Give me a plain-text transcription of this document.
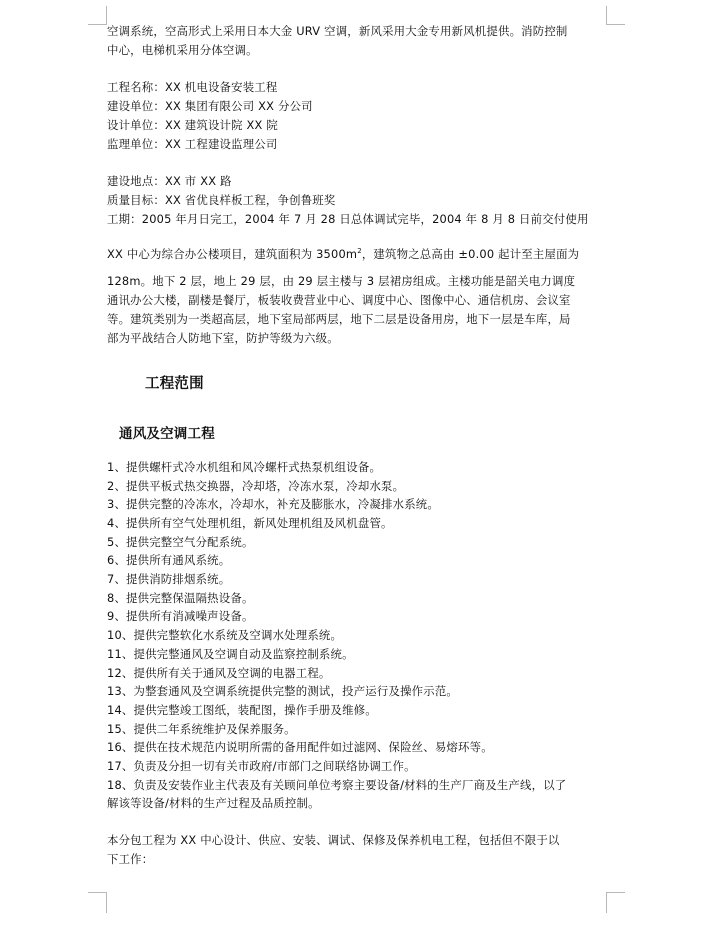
空调系统，空高形式上采用日本大金 URV 空调，新风采用大金专用新风机提供。消防控制

中心，电梯机采用分体空调。

工程名称：XX 机电设备安装工程

建设单位：XX 集团有限公司 XX 分公司

设计单位：XX 建筑设计院 XX 院

监理单位：XX 工程建设监理公司

建设地点：XX 市 XX 路

质量目标：XX 省优良样板工程，争创鲁班奖

工期：2005 年月日完工，2004 年 7 月 28 日总体调试完毕，2004 年 8 月 8 日前交付使用

XX 中心为综合办公楼项目，建筑面积为 $3500m^2$，建筑物之总高由 ±0.00 起计至主屋面为

128m。地下 2 层，地上 29 层，由 29 层主楼与 3 层裙房组成。主楼功能是韶关电力调度

通讯办公大楼，副楼是餐厅，板装收费营业中心、调度中心、图像中心、通信机房、会议室

等。建筑类别为一类超高层，地下室局部两层，地下二层是设备用房，地下一层是车库，局

部为平战结合人防地下室，防护等级为六级。

工程范围
通风及空调工程

1、提供螺杆式冷水机组和风冷螺杆式热泵机组设备。

2、提供平板式热交换器，冷却塔，冷冻水泵，冷却水泵。

3、提供完整的冷冻水，冷却水，补充及膨胀水，冷凝排水系统。

4、提供所有空气处理机组，新风处理机组及风机盘管。

5、提供完整空气分配系统。

6、提供所有通风系统。

7、提供消防排烟系统。

8、提供完整保温隔热设备。

9、提供所有消减噪声设备。

10、提供完整软化水系统及空调水处理系统。

11、提供完整通风及空调自动及监察控制系统。

12、提供所有关于通风及空调的电器工程。

13、为整套通风及空调系统提供完整的测试，投产运行及操作示范。

14、提供完整竣工图纸，装配图，操作手册及维修。

15、提供二年系统维护及保养服务。

16、提供在技术规范内说明所需的备用配件如过滤网、保险丝、易熔环等。

17、负责及分担一切有关市政府/市部门之间联络协调工作。

18、负责及安装作业主代表及有关顾问单位考察主要设备/材料的生产厂商及生产线，以了

解该等设备/材料的生产过程及品质控制。

本分包工程为 XX 中心设计、供应、安装、调试、保修及保养机电工程，包括但不限于以

下工作：
